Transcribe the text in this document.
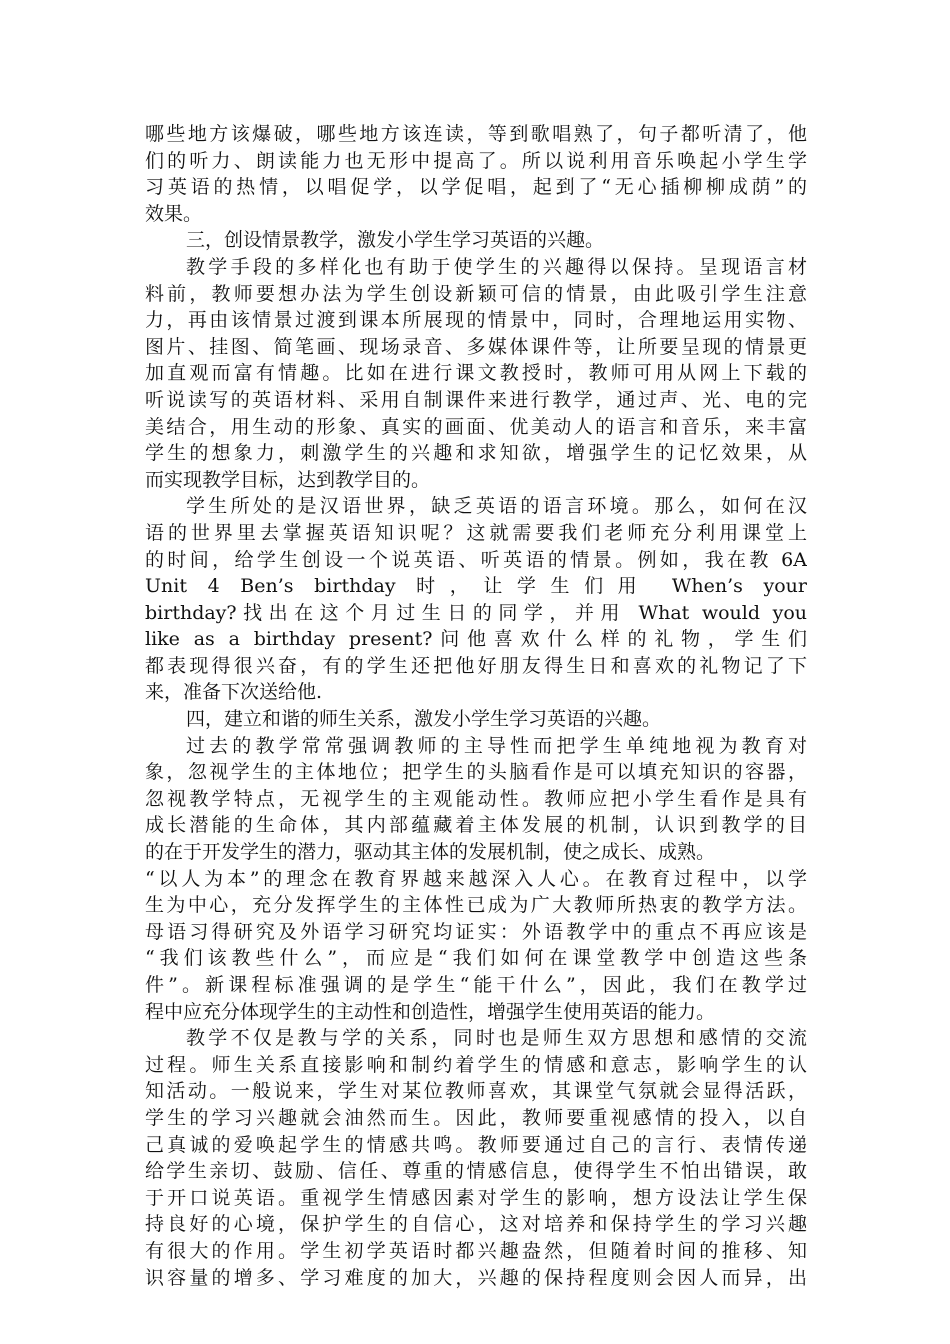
哪些地方该爆破，哪些地方该连读，等到歌唱熟了，句子都听清了，他
们的听力、朗读能力也无形中提高了。所以说利用音乐唤起小学生学
习英语的热情，以唱促学，以学促唱，起到了“无心插柳柳成荫”的
效果。
三，创设情景教学，激发小学生学习英语的兴趣。
教学手段的多样化也有助于使学生的兴趣得以保持。呈现语言材
料前，教师要想办法为学生创设新颖可信的情景，由此吸引学生注意
力，再由该情景过渡到课本所展现的情景中，同时，合理地运用实物、
图片、挂图、简笔画、现场录音、多媒体课件等，让所要呈现的情景更
加直观而富有情趣。比如在进行课文教授时，教师可用从网上下载的
听说读写的英语材料、采用自制课件来进行教学，通过声、光、电的完
美结合，用生动的形象、真实的画面、优美动人的语言和音乐，来丰富
学生的想象力，刺激学生的兴趣和求知欲，增强学生的记忆效果，从
而实现教学目标，达到教学目的。
学生所处的是汉语世界，缺乏英语的语言环境。那么，如何在汉
语的世界里去掌握英语知识呢？这就需要我们老师充分利用课堂上
的时间，给学生创设一个说英语、听英语的情景。例如，我在教 6A
Unit 4 Ben’s birthday 时，让学生们用 When’s your
birthday?找出在这个月过生日的同学，并用 What would you
like as a birthday present?问他喜欢什么样的礼物，学生们
都表现得很兴奋，有的学生还把他好朋友得生日和喜欢的礼物记了下
来，准备下次送给他.
四，建立和谐的师生关系，激发小学生学习英语的兴趣。
过去的教学常常强调教师的主导性而把学生单纯地视为教育对
象，忽视学生的主体地位；把学生的头脑看作是可以填充知识的容器，
忽视教学特点，无视学生的主观能动性。教师应把小学生看作是具有
成长潜能的生命体，其内部蕴藏着主体发展的机制，认识到教学的目
的在于开发学生的潜力，驱动其主体的发展机制，使之成长、成熟。
“以人为本”的理念在教育界越来越深入人心。在教育过程中，以学
生为中心，充分发挥学生的主体性已成为广大教师所热衷的教学方法。
母语习得研究及外语学习研究均证实：外语教学中的重点不再应该是
“我们该教些什么”，而应是“我们如何在课堂教学中创造这些条
件”。新课程标准强调的是学生“能干什么”，因此，我们在教学过
程中应充分体现学生的主动性和创造性，增强学生使用英语的能力。
教学不仅是教与学的关系，同时也是师生双方思想和感情的交流
过程。师生关系直接影响和制约着学生的情感和意志，影响学生的认
知活动。一般说来，学生对某位教师喜欢，其课堂气氛就会显得活跃，
学生的学习兴趣就会油然而生。因此，教师要重视感情的投入，以自
己真诚的爱唤起学生的情感共鸣。教师要通过自己的言行、表情传递
给学生亲切、鼓励、信任、尊重的情感信息，使得学生不怕出错误，敢
于开口说英语。重视学生情感因素对学生的影响，想方设法让学生保
持良好的心境，保护学生的自信心，这对培养和保持学生的学习兴趣
有很大的作用。学生初学英语时都兴趣盎然，但随着时间的推移、知
识容量的增多、学习难度的加大，兴趣的保持程度则会因人而异，出
